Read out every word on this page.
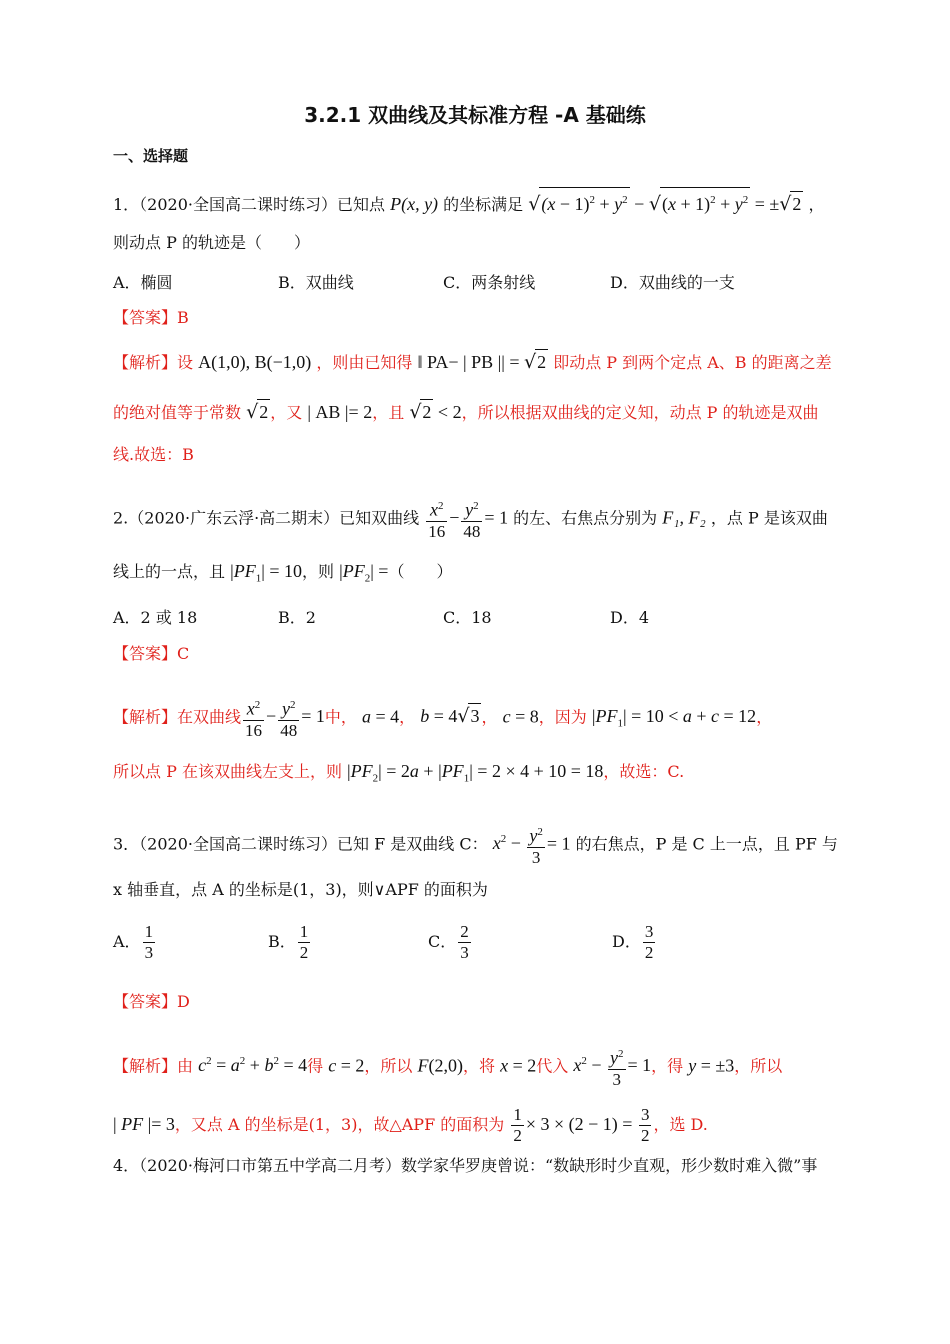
3.2.1 双曲线及其标准方程 -A 基础练
一、选择题
1．（2020·全国高二课时练习）已知点 P(x, y) 的坐标满足 $√(x - 1)^2 + y^2 - √(x + 1)^2 + y^2 = \pm√2$ ，
则动点 P 的轨迹是（　　）
A．椭圆	B．双曲线	C．两条射线	D．双曲线的一支
【答案】B
【解析】设 A(1,0), B(−1,0) ，则由已知得 ‖ PA− | PB || = √2 即动点 P 到两个定点 A、B 的距离之差
的绝对值等于常数 √2 ，又 | AB |= 2，且 √2 < 2，所以根据双曲线的定义知，动点 P 的轨迹是双曲
线.故选：B
2.（2020·广东云浮·高二期末）已知双曲线 $\frac{x^2}{16} - \frac{y^2}{48} = 1$ 的左、右焦点分别为 F₁, F₂ ，点 P 是该双曲
线上的一点，且 $|PF_1| = 10$，则 $|PF_2|$ =（　　）
A．2 或 18	B．2	C．18	D．4
【答案】C
【解析】在双曲线 $\frac{x^2}{16} - \frac{y^2}{48} = 1$中， a = 4， b = 4√3 ， c = 8，因为 $|PF_1| = 10 < a + c = 12$，
所以点 P 在该双曲线左支上，则 $|PF_2| = 2a + |PF_1| = 2 \times 4 + 10 = 18$，故选：C.
3．（2020·全国高二课时练习）已知 F 是双曲线 C： $x^2 - \frac{y^2}{3} = 1$ 的右焦点，P 是 C 上一点，且 PF 与
x 轴垂直，点 A 的坐标是(1，3)，则∨APF 的面积为
A． $\frac{1}{3}$	B． $\frac{1}{2}$	C． $\frac{2}{3}$	D． $\frac{3}{2}$
【答案】D
【解析】由 $c^2 = a^2 + b^2 = 4$得 c = 2，所以 F(2,0)，将 x = 2代入 $x^2 - \frac{y^2}{3} = 1$，得 y = ±3，所以
| PF |= 3，又点 A 的坐标是(1，3)，故△APF 的面积为 $\frac{1}{2} \times 3 \times (2 - 1) = \frac{3}{2}$ ，选 D.
4．（2020·梅河口市第五中学高二月考）数学家华罗庚曾说：“数缺形时少直观，形少数时难入微”事
